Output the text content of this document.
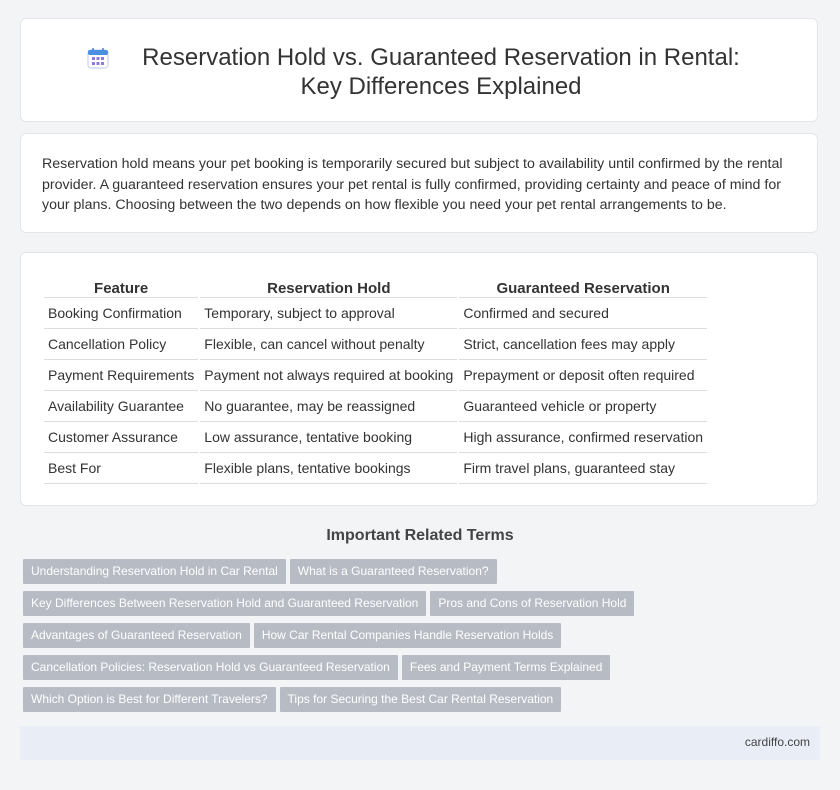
Reservation Hold vs. Guaranteed Reservation in Rental: Key Differences Explained

Reservation hold means your pet booking is temporarily secured but subject to availability until confirmed by the rental provider. A guaranteed reservation ensures your pet rental is fully confirmed, providing certainty and peace of mind for your plans. Choosing between the two depends on how flexible you need your pet rental arrangements to be.

Feature	Reservation Hold	Guaranteed Reservation
Booking Confirmation	Temporary, subject to approval	Confirmed and secured
Cancellation Policy	Flexible, can cancel without penalty	Strict, cancellation fees may apply
Payment Requirements	Payment not always required at booking	Prepayment or deposit often required
Availability Guarantee	No guarantee, may be reassigned	Guaranteed vehicle or property
Customer Assurance	Low assurance, tentative booking	High assurance, confirmed reservation
Best For	Flexible plans, tentative bookings	Firm travel plans, guaranteed stay
Important Related Terms
Understanding Reservation Hold in Car Rental What is a Guaranteed Reservation?
Key Differences Between Reservation Hold and Guaranteed Reservation Pros and Cons of Reservation Hold
Advantages of Guaranteed Reservation How Car Rental Companies Handle Reservation Holds
Cancellation Policies: Reservation Hold vs Guaranteed Reservation Fees and Payment Terms Explained
Which Option is Best for Different Travelers? Tips for Securing the Best Car Rental Reservation
cardiffo.com
